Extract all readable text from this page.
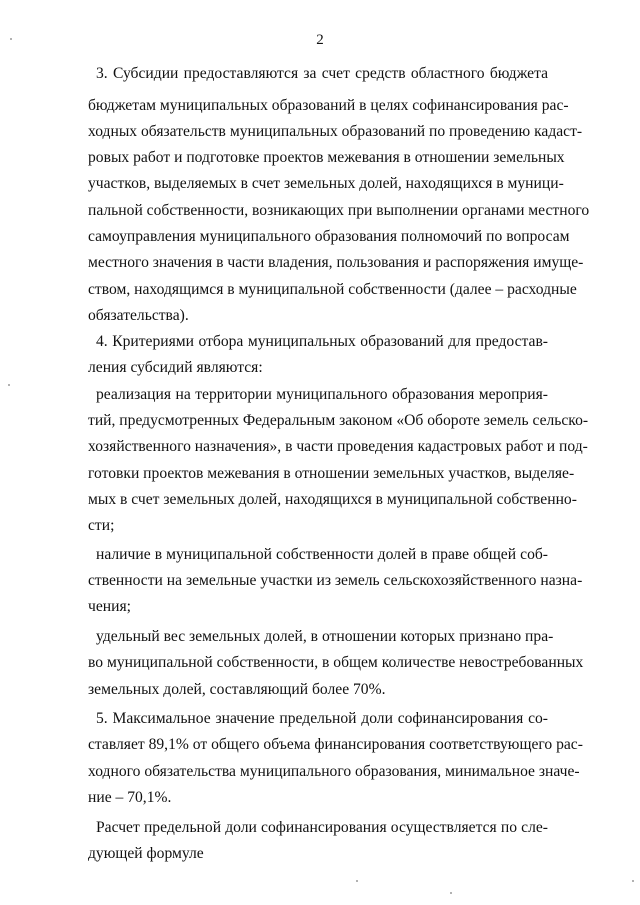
2
3. Субсидии предоставляются за счет средств областного бюджета
бюджетам муниципальных образований в целях софинансирования рас-
ходных обязательств муниципальных образований по проведению кадаст-
ровых работ и подготовке проектов межевания в отношении земельных
участков, выделяемых в счет земельных долей, находящихся в муници-
пальной собственности, возникающих при выполнении органами местного
самоуправления муниципального образования полномочий по вопросам
местного значения в части владения, пользования и распоряжения имуще-
ством, находящимся в муниципальной собственности (далее – расходные
обязательства).
4. Критериями отбора муниципальных образований для предостав-
ления субсидий являются:
реализация на территории муниципального образования мероприя-
тий, предусмотренных Федеральным законом «Об обороте земель сельско-
хозяйственного назначения», в части проведения кадастровых работ и под-
готовки проектов межевания в отношении земельных участков, выделяе-
мых в счет земельных долей, находящихся в муниципальной собственно-
сти;
наличие в муниципальной собственности долей в праве общей соб-
ственности на земельные участки из земель сельскохозяйственного назна-
чения;
удельный вес земельных долей, в отношении которых признано пра-
во муниципальной собственности, в общем количестве невостребованных
земельных долей, составляющий более 70%.
5. Максимальное значение предельной доли софинансирования со-
ставляет 89,1% от общего объема финансирования соответствующего рас-
ходного обязательства муниципального образования, минимальное значе-
ние – 70,1%.
Расчет предельной доли софинансирования осуществляется по сле-
дующей формуле
